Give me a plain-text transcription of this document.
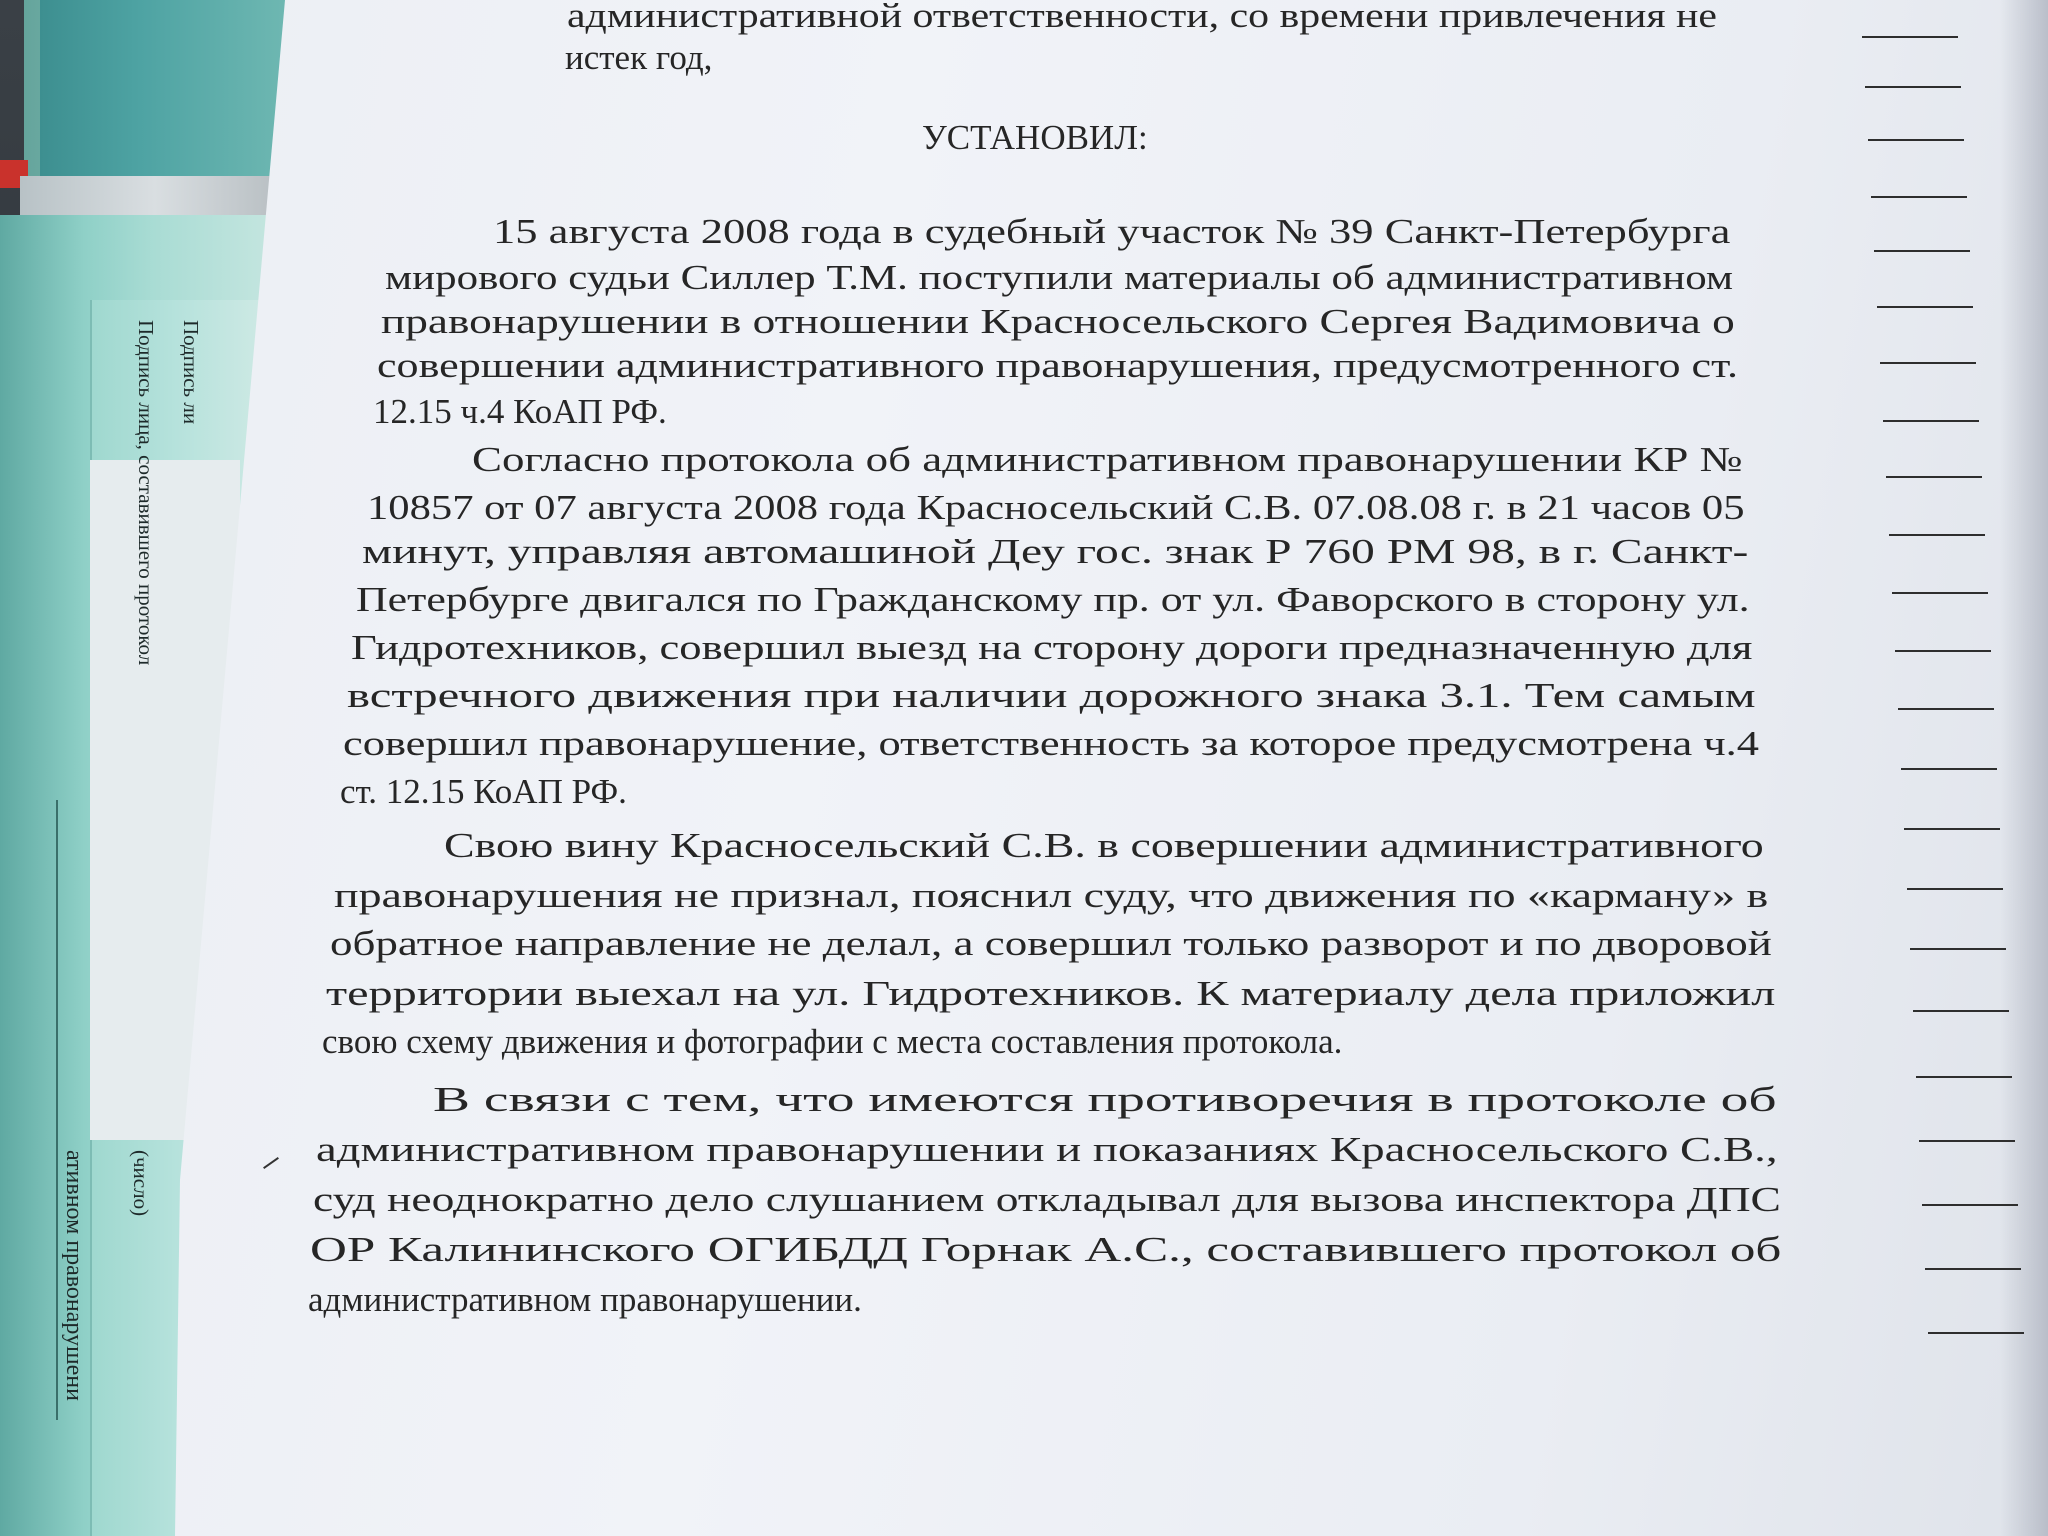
Подпись ли
Подпись лица, составившего протокол
(число)
ативном правонарушени
административной ответственности, со времени привлечения не
истек год,
УСТАНОВИЛ:
15 августа 2008 года в судебный участок № 39 Санкт-Петербурга
мирового судьи Силлер Т.М. поступили материалы об административном
правонарушении в отношении Красносельского Сергея Вадимовича о
совершении административного правонарушения, предусмотренного ст.
12.15 ч.4 КоАП РФ.
Согласно протокола об административном правонарушении КР №
10857 от 07 августа 2008 года Красносельский С.В. 07.08.08 г. в 21 часов 05
минут, управляя автомашиной Деу гос. знак Р 760 РМ 98, в г. Санкт-
Петербурге двигался по Гражданскому пр. от ул. Фаворского в сторону ул.
Гидротехников, совершил выезд на сторону дороги предназначенную для
встречного движения при наличии дорожного знака 3.1. Тем самым
совершил правонарушение, ответственность за которое предусмотрена ч.4
ст. 12.15 КоАП РФ.
Свою вину Красносельский С.В. в совершении административного
правонарушения не признал, пояснил суду, что движения по «карману» в
обратное направление не делал, а совершил только разворот и по дворовой
территории выехал на ул. Гидротехников. К материалу дела приложил
свою схему движения и фотографии с места составления протокола.
В связи с тем, что имеются противоречия в протоколе об
административном правонарушении и показаниях Красносельского С.В.,
суд неоднократно дело слушанием откладывал для вызова инспектора ДПС
ОР Калининского ОГИБДД Горнак А.С., составившего протокол об
административном правонарушении.
